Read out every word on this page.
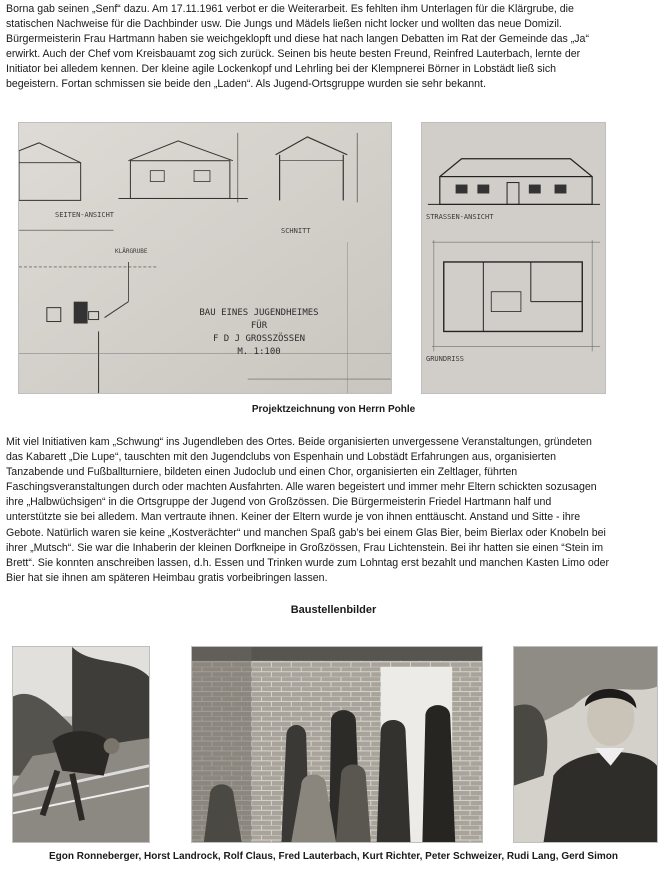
Borna gab seinen „Senf“ dazu. Am 17.11.1961 verbot er die Weiterarbeit. Es fehlten ihm Unterlagen für die Klärgrube, die
statischen Nachweise für die Dachbinder usw. Die Jungs und Mädels ließen nicht locker und wollten das neue Domizil.
Bürgermeisterin Frau Hartmann haben sie weichgeklopft und diese hat nach langen Debatten im Rat der Gemeinde das „Ja“
erwirkt. Auch der Chef vom Kreisbauamt zog sich zurück. Seinen bis heute besten Freund, Reinfred Lauterbach, lernte der
Initiator bei alledem kennen. Der kleine agile Lockenkopf und Lehrling bei der Klempnerei Börner in Lobstädt ließ sich
begeistern. Fortan schmissen sie beide den „Laden“. Als Jugend-Ortsgruppe wurden sie sehr bekannt.
SEITEN-ANSICHT
SCHNITT
KLÄRGRUBE
BAU EINES JUGENDHEIMES
FÜR
F D J GROSSZÖSSEN
M. 1:100
STRASSEN-ANSICHT
GRUNDRISS
Projektzeichnung von Herrn Pohle
Mit viel Initiativen kam „Schwung“ ins Jugendleben des Ortes. Beide organisierten unvergessene Veranstaltungen, gründeten
das Kabarett „Die Lupe“, tauschten mit den Jugendclubs von Espenhain und Lobstädt Erfahrungen aus, organisierten
Tanzabende und Fußballturniere, bildeten einen Judoclub und einen Chor, organisierten ein Zeltlager, führten
Faschingsveranstaltungen durch oder machten Ausfahrten. Alle waren begeistert und immer mehr Eltern schickten sozusagen
ihre „Halbwüchsigen“ in die Ortsgruppe der Jugend von Großzössen. Die Bürgermeisterin Friedel Hartmann half und
unterstützte sie bei alledem. Man vertraute ihnen. Keiner der Eltern wurde je von ihnen enttäuscht. Anstand und Sitte - ihre
Gebote. Natürlich waren sie keine „Kostverächter“ und manchen Spaß gab’s bei einem Glas Bier, beim Bierlax oder Knobeln bei
ihrer „Mutsch“. Sie war die Inhaberin der kleinen Dorfkneipe in Großzössen, Frau Lichtenstein. Bei ihr hatten sie einen “Stein im
Brett“. Sie konnten anschreiben lassen, d.h. Essen und Trinken wurde zum Lohntag erst bezahlt und manchen Kasten Limo oder
Bier hat sie ihnen am späteren Heimbau gratis vorbeibringen lassen.
Baustellenbilder
Egon Ronneberger, Horst Landrock, Rolf Claus, Fred Lauterbach, Kurt Richter, Peter Schweizer, Rudi Lang, Gerd Simon
